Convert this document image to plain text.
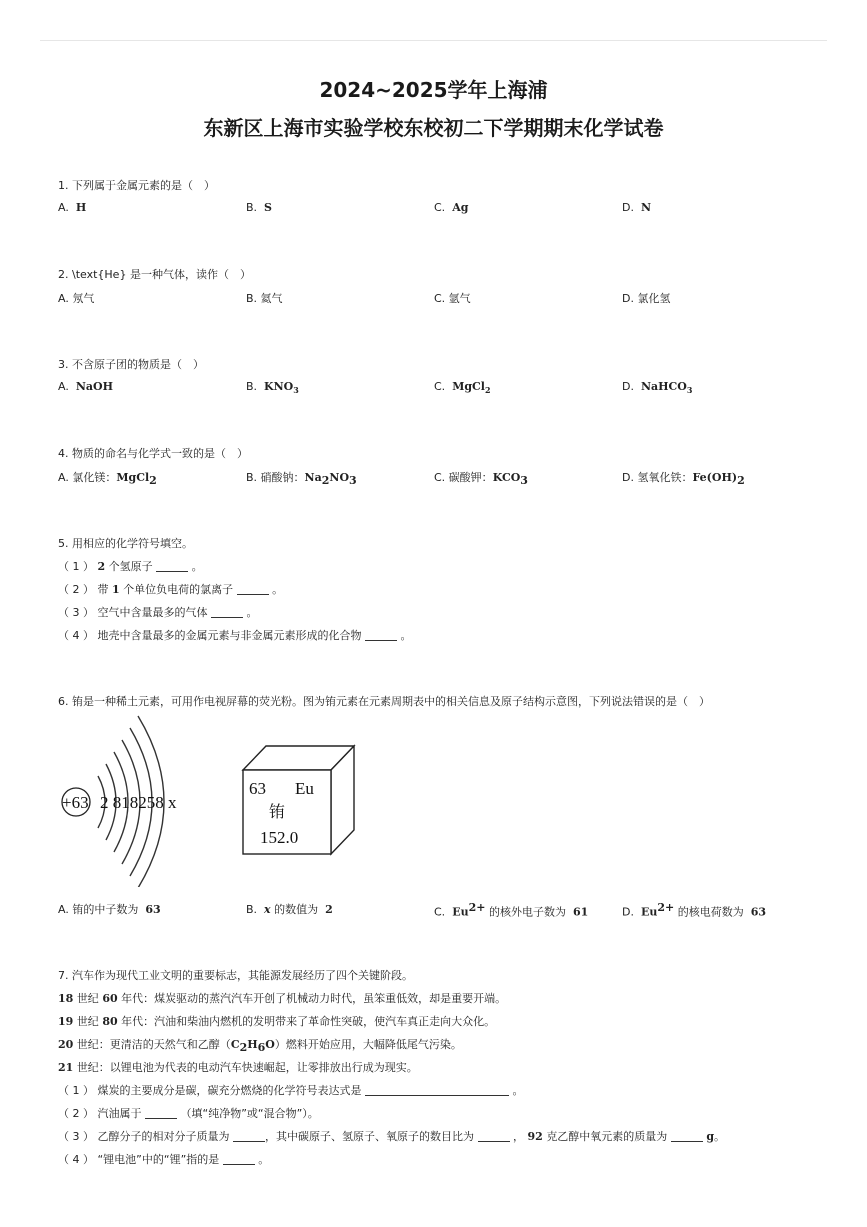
2024~2025学年上海浦
东新区上海市实验学校东校初二下学期期末化学试卷
1. 下列属于金属元素的是（　）
A. H	B. S	C. Ag	D. N
2. \text{He} 是一种气体，读作（　）
A. 氖气	B. 氦气	C. 氩气	D. 氯化氢
3. 不含原子团的物质是（　）
A. NaOH	B. $KNO_3$	C. MgCl$_2$	D. NaHCO$_3$
4. 物质的命名与化学式一致的是（　）
A. 氯化镁：MgCl$_2$	B. 硝酸钠：$Na_2NO_3$	C. 碳酸钾：$KCO_3$	D. 氢氧化铁：$Fe(OH)_2$
5. 用相应的化学符号填空。
（ 1 ） 2 个氢原子	。
（ 2 ） 带 1 个单位负电荷的氯离子	。
（ 3 ） 空气中含量最多的气体	。
（ 4 ） 地壳中含量最多的金属元素与非金属元素形成的化合物	。
6. 铕是一种稀土元素，可用作电视屏幕的荧光粉。图为铕元素在元素周期表中的相关信息及原子结构示意图，下列说法错误的是（　）
+63 2 818258 x
63 Eu
铕
152.0
A. 铕的中子数为 63	B. x 的数值为 2	C. $Eu^{2+}$ 的核外电子数为 61	D. $Eu^{2+}$ 的核电荷数为 63
7. 汽车作为现代工业文明的重要标志，其能源发展经历了四个关键阶段。
18 世纪 60 年代：煤炭驱动的蒸汽汽车开创了机械动力时代，虽笨重低效，却是重要开端。
19 世纪 80 年代：汽油和柴油内燃机的发明带来了革命性突破，使汽车真正走向大众化。
20 世纪：更清洁的天然气和乙醇$(C_2H_6O)$燃料开始应用，大幅降低尾气污染。
21 世纪：以锂电池为代表的电动汽车快速崛起，让零排放出行成为现实。
（ 1 ） 煤炭的主要成分是碳，碳充分燃烧的化学符号表达式是	。
（ 2 ） 汽油属于	（填“纯净物”或“混合物”）。
（ 3 ） 乙醇分子的相对分子质量为	，其中碳原子、氢原子、氧原子的数目比为	， 92 克乙醇中氧元素的质量为	g。
（ 4 ） “锂电池”中的“锂”指的是	。
